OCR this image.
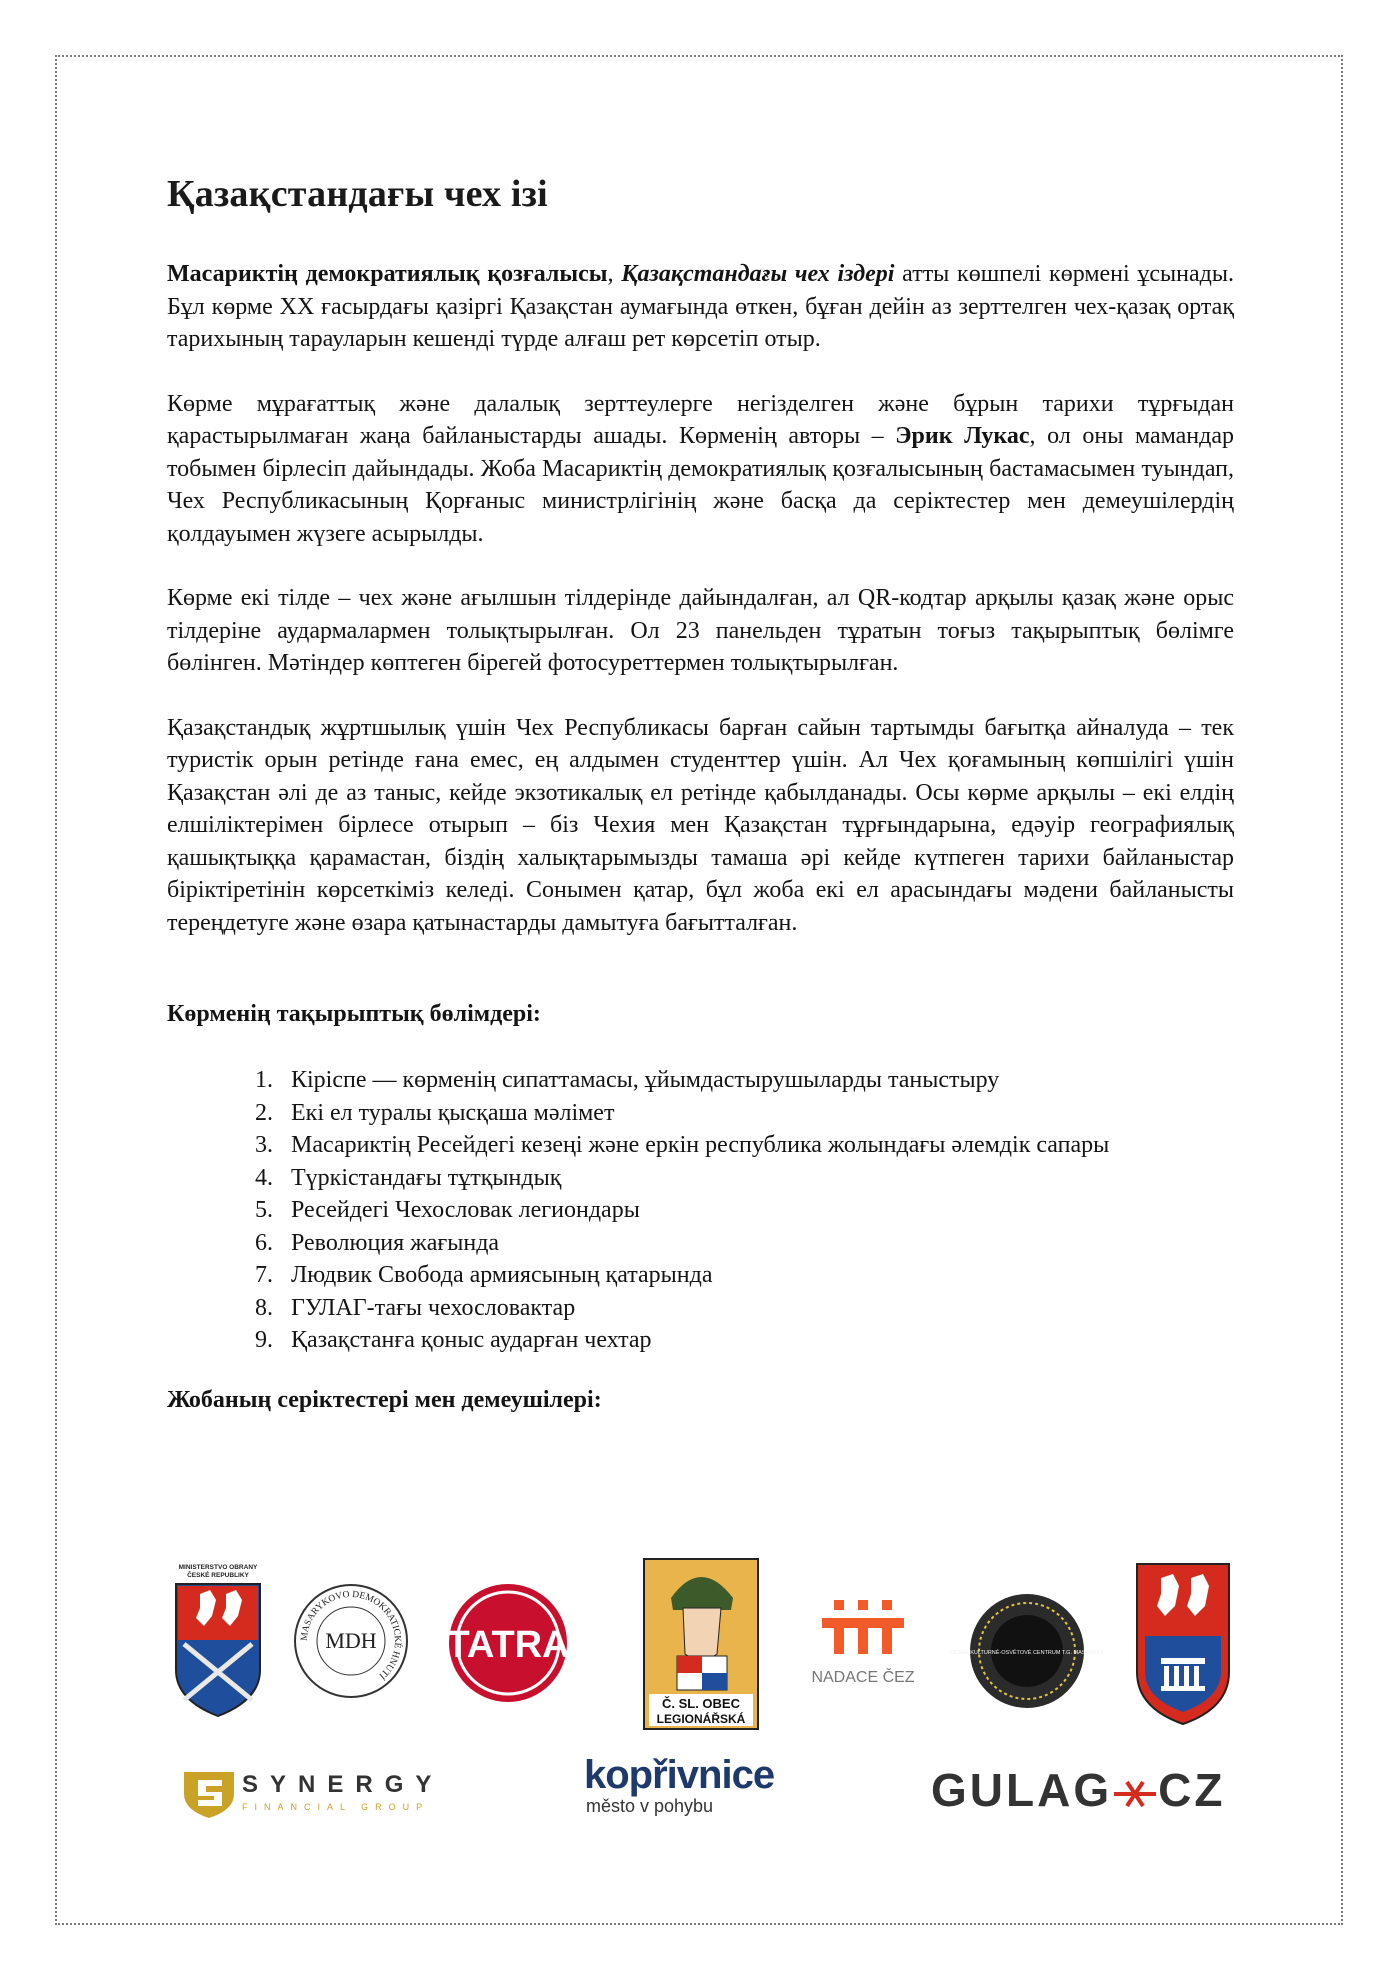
Қазақстандағы чех ізі

Масариктің демократиялық қозғалысы, Қазақстандағы чех іздері атты көшпелі көрмені ұсынады. Бұл көрме XX ғасырдағы қазіргі Қазақстан аумағында өткен, бұған дейін аз зерттелген чех-қазақ ортақ тарихының тарауларын кешенді түрде алғаш рет көрсетіп отыр.

Көрме мұрағаттық және далалық зерттеулерге негізделген және бұрын тарихи тұрғыдан қарастырылмаған жаңа байланыстарды ашады. Көрменің авторы – Эрик Лукас, ол оны мамандар тобымен бірлесіп дайындады. Жоба Масариктің демократиялық қозғалысының бастамасымен туындап, Чех Республикасының Қорғаныс министрлігінің және басқа да серіктестер мен демеушілердің қолдауымен жүзеге асырылды.

Көрме екі тілде – чех және ағылшын тілдерінде дайындалған, ал QR-кодтар арқылы қазақ және орыс тілдеріне аудармалармен толықтырылған. Ол 23 панельден тұратын тоғыз тақырыптық бөлімге бөлінген. Мәтіндер көптеген бірегей фотосуреттермен толықтырылған.

Қазақстандық жұртшылық үшін Чех Республикасы барған сайын тартымды бағытқа айналуда – тек туристік орын ретінде ғана емес, ең алдымен студенттер үшін. Ал Чех қоғамының көпшілігі үшін Қазақстан әлі де аз таныс, кейде экзотикалық ел ретінде қабылданады. Осы көрме арқылы – екі елдің елшіліктерімен бірлесе отырып – біз Чехия мен Қазақстан тұрғындарына, едәуір географиялық қашықтыққа қарамастан, біздің халықтарымызды тамаша әрі кейде күтпеген тарихи байланыстар біріктіретінін көрсеткіміз келеді. Сонымен қатар, бұл жоба екі ел арасындағы мәдени байланысты тереңдетуге және өзара қатынастарды дамытуға бағытталған.

Көрменің тақырыптық бөлімдері:
1. Кіріспе — көрменің сипаттамасы, ұйымдастырушыларды таныстыру
2. Екі ел туралы қысқаша мәлімет
3. Масариктің Ресейдегі кезеңі және еркін республика жолындағы әлемдік сапары
4. Түркістандағы тұтқындық
5. Ресейдегі Чехословак легиондары
6. Революция жағында
7. Людвик Свобода армиясының қатарында
8. ГУЛАГ-тағы чехословактар
9. Қазақстанға қоныс аударған чехтар
Жобаның серіктестері мен демеушілері:
MINISTERSTVO OBRANY
ČESKÉ REPUBLIKY
MASARYKOVO DEMOKRATICKÉ HNUTÍ
MDH TATRA
Č. SL. OBEC
LEGIONÁŘSKÁ
NADACE ČEZ
ČESKÉ KULTURNĚ-OSVĚTOVÉ CENTRUM T.G. MASARYKA
SYNERGY
FINANCIAL GROUP
kopřivnice
město v pohybu	GULAG CZ
